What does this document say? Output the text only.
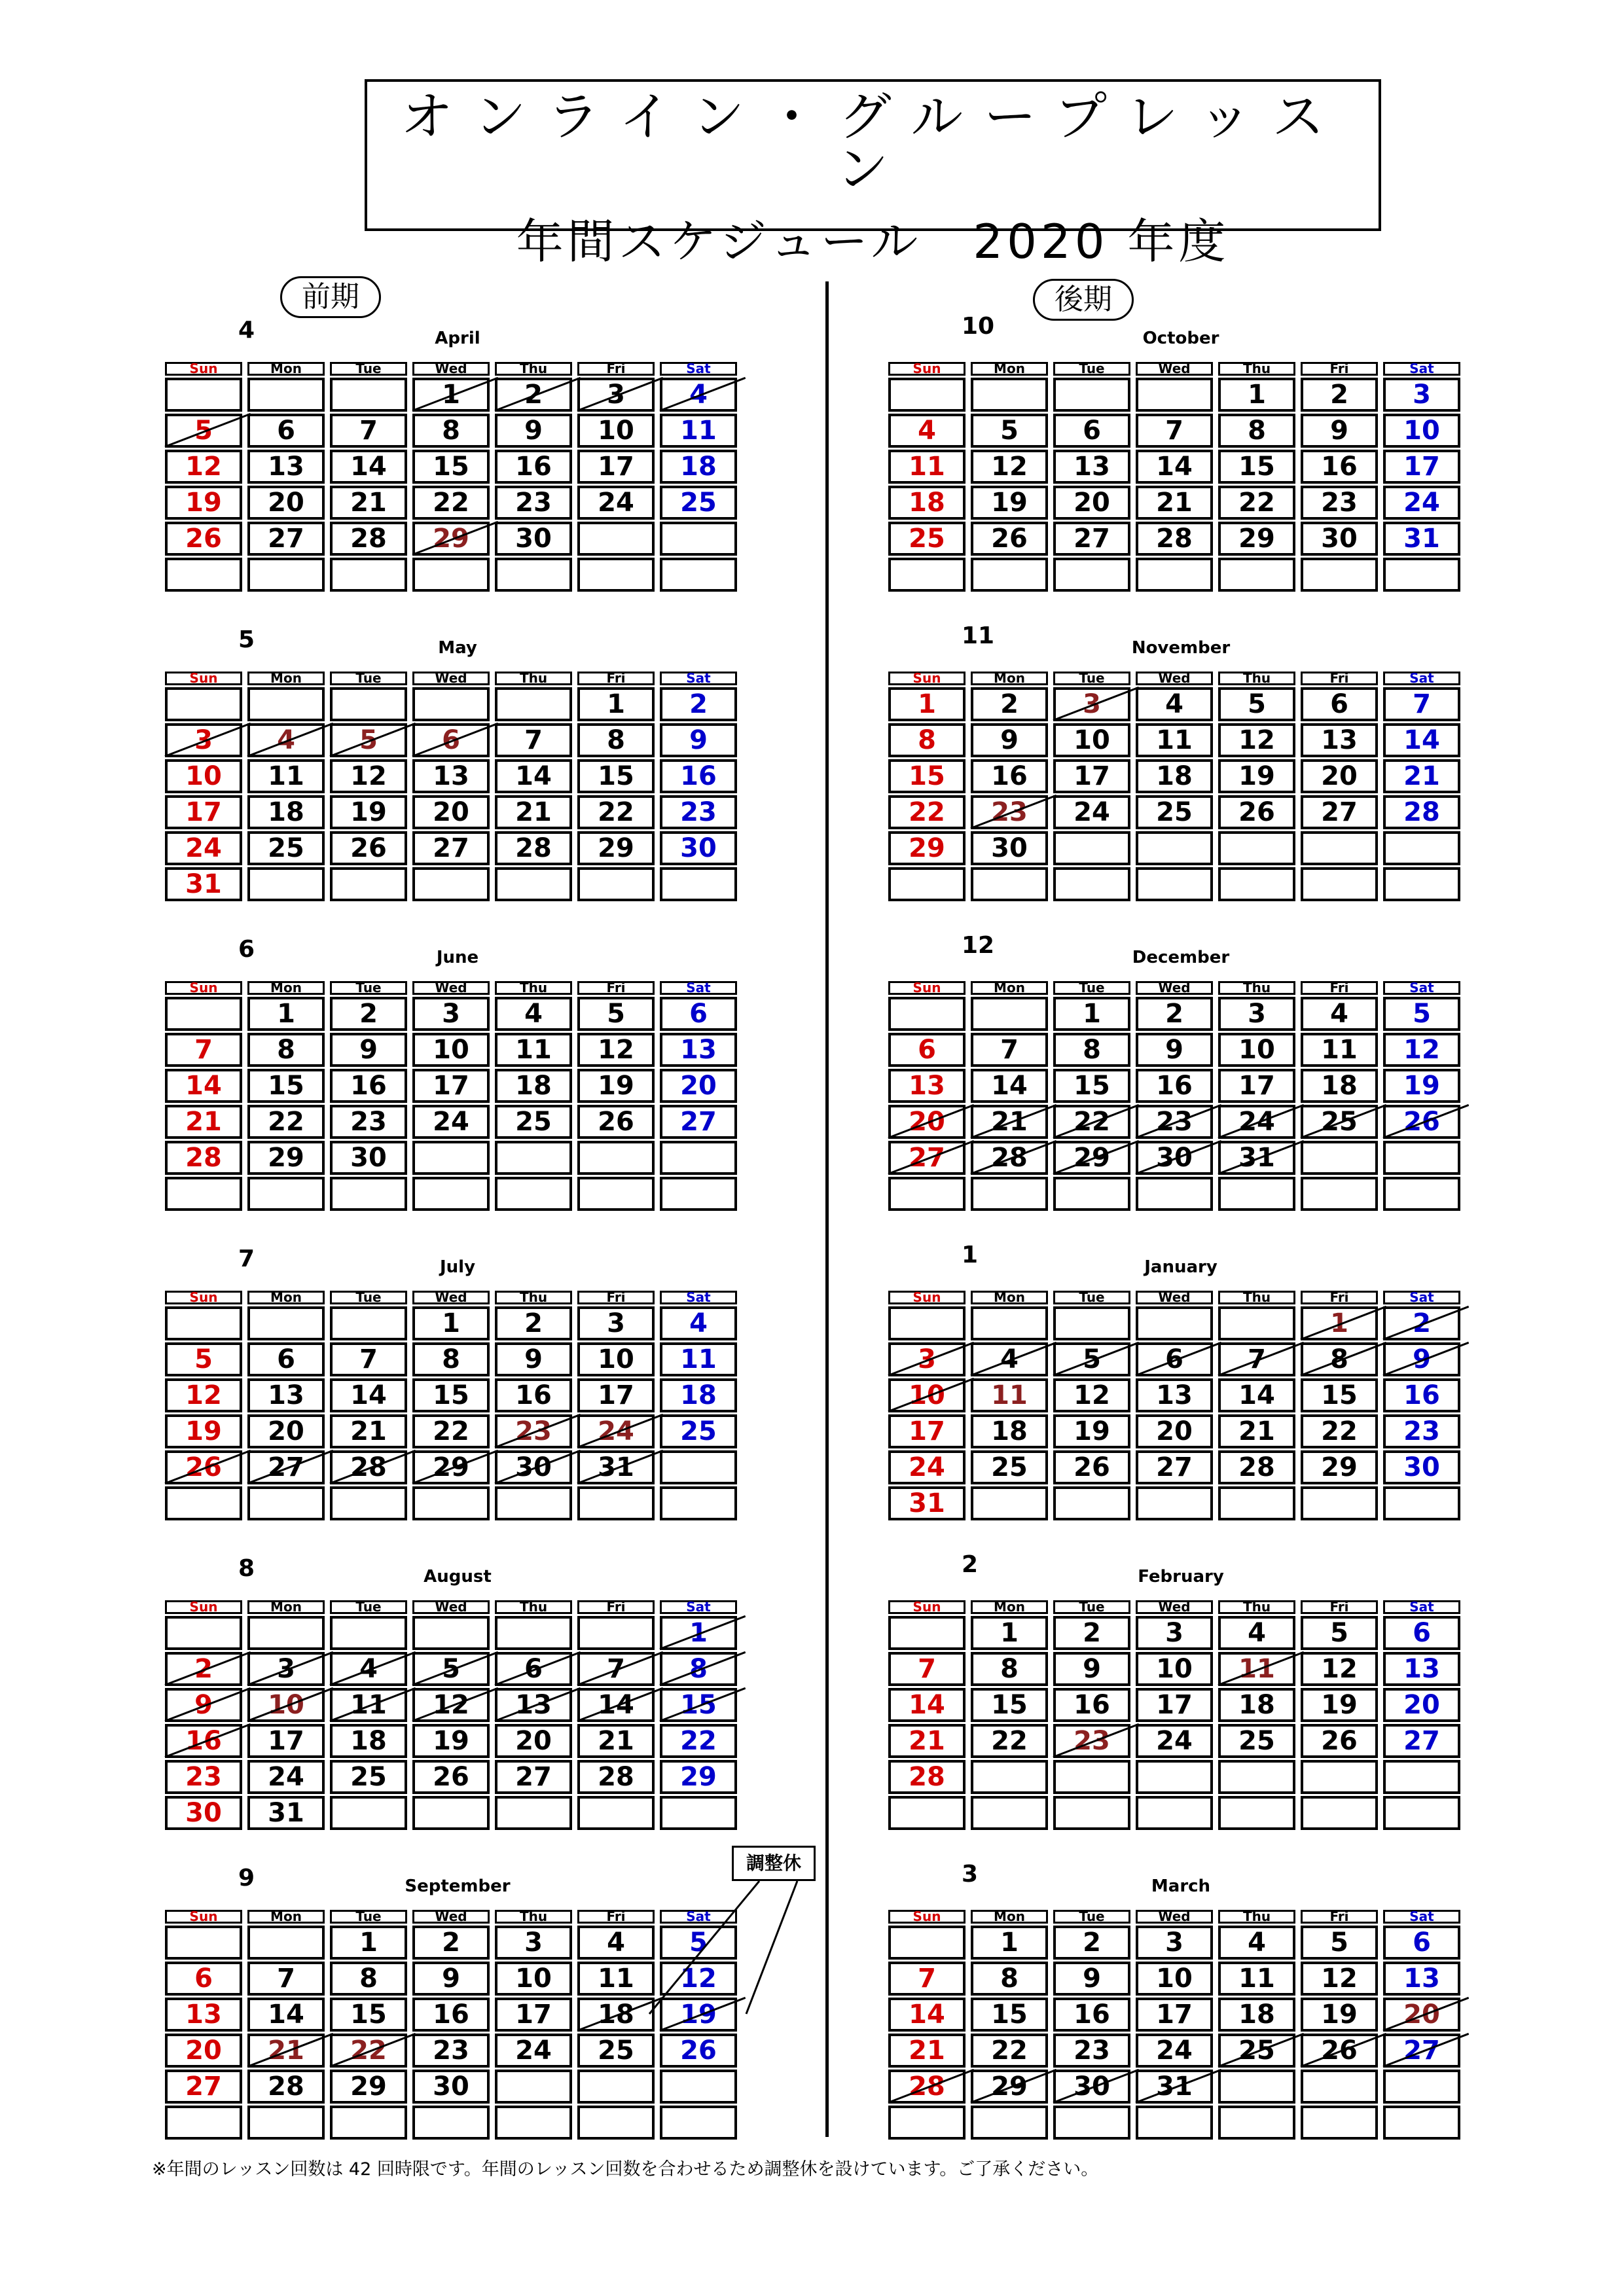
オンライン・グループレッスン
年間スケジュール　2020 年度
前期	後期
4	April
Sun	Mon	Tue	Wed	Thu	Fri	Sat
			1	2	3	4
5	6	7	8	9	10	11
12	13	14	15	16	17	18
19	20	21	22	23	24	25
26	27	28	29	30		

5	May
Sun	Mon	Tue	Wed	Thu	Fri	Sat
					1	2
3	4	5	6	7	8	9
10	11	12	13	14	15	16
17	18	19	20	21	22	23
24	25	26	27	28	29	30
31						
6	June
Sun	Mon	Tue	Wed	Thu	Fri	Sat
	1	2	3	4	5	6
7	8	9	10	11	12	13
14	15	16	17	18	19	20
21	22	23	24	25	26	27
28	29	30				

7	July
Sun	Mon	Tue	Wed	Thu	Fri	Sat
			1	2	3	4
5	6	7	8	9	10	11
12	13	14	15	16	17	18
19	20	21	22	23	24	25
26	27	28	29	30	31	

8	August
Sun	Mon	Tue	Wed	Thu	Fri	Sat
						1
2	3	4	5	6	7	8
9	10	11	12	13	14	15
16	17	18	19	20	21	22
23	24	25	26	27	28	29
30	31					
9	September
Sun	Mon	Tue	Wed	Thu	Fri	Sat
		1	2	3	4	5
6	7	8	9	10	11	12
13	14	15	16	17	18	19
20	21	22	23	24	25	26
27	28	29	30			

10	October
Sun	Mon	Tue	Wed	Thu	Fri	Sat
				1	2	3
4	5	6	7	8	9	10
11	12	13	14	15	16	17
18	19	20	21	22	23	24
25	26	27	28	29	30	31

11	November
Sun	Mon	Tue	Wed	Thu	Fri	Sat
1	2	3	4	5	6	7
8	9	10	11	12	13	14
15	16	17	18	19	20	21
22	23	24	25	26	27	28
29	30					

12	December
Sun	Mon	Tue	Wed	Thu	Fri	Sat
		1	2	3	4	5
6	7	8	9	10	11	12
13	14	15	16	17	18	19
20	21	22	23	24	25	26
27	28	29	30	31		

1	January
Sun	Mon	Tue	Wed	Thu	Fri	Sat
					1	2
3	4	5	6	7	8	9
10	11	12	13	14	15	16
17	18	19	20	21	22	23
24	25	26	27	28	29	30
31						
2	February
Sun	Mon	Tue	Wed	Thu	Fri	Sat
	1	2	3	4	5	6
7	8	9	10	11	12	13
14	15	16	17	18	19	20
21	22	23	24	25	26	27
28						

3	March
Sun	Mon	Tue	Wed	Thu	Fri	Sat
	1	2	3	4	5	6
7	8	9	10	11	12	13
14	15	16	17	18	19	20
21	22	23	24	25	26	27
28	29	30	31			

調整休
※年間のレッスン回数は 42 回時限です。年間のレッスン回数を合わせるため調整休を設けています。ご了承ください。
